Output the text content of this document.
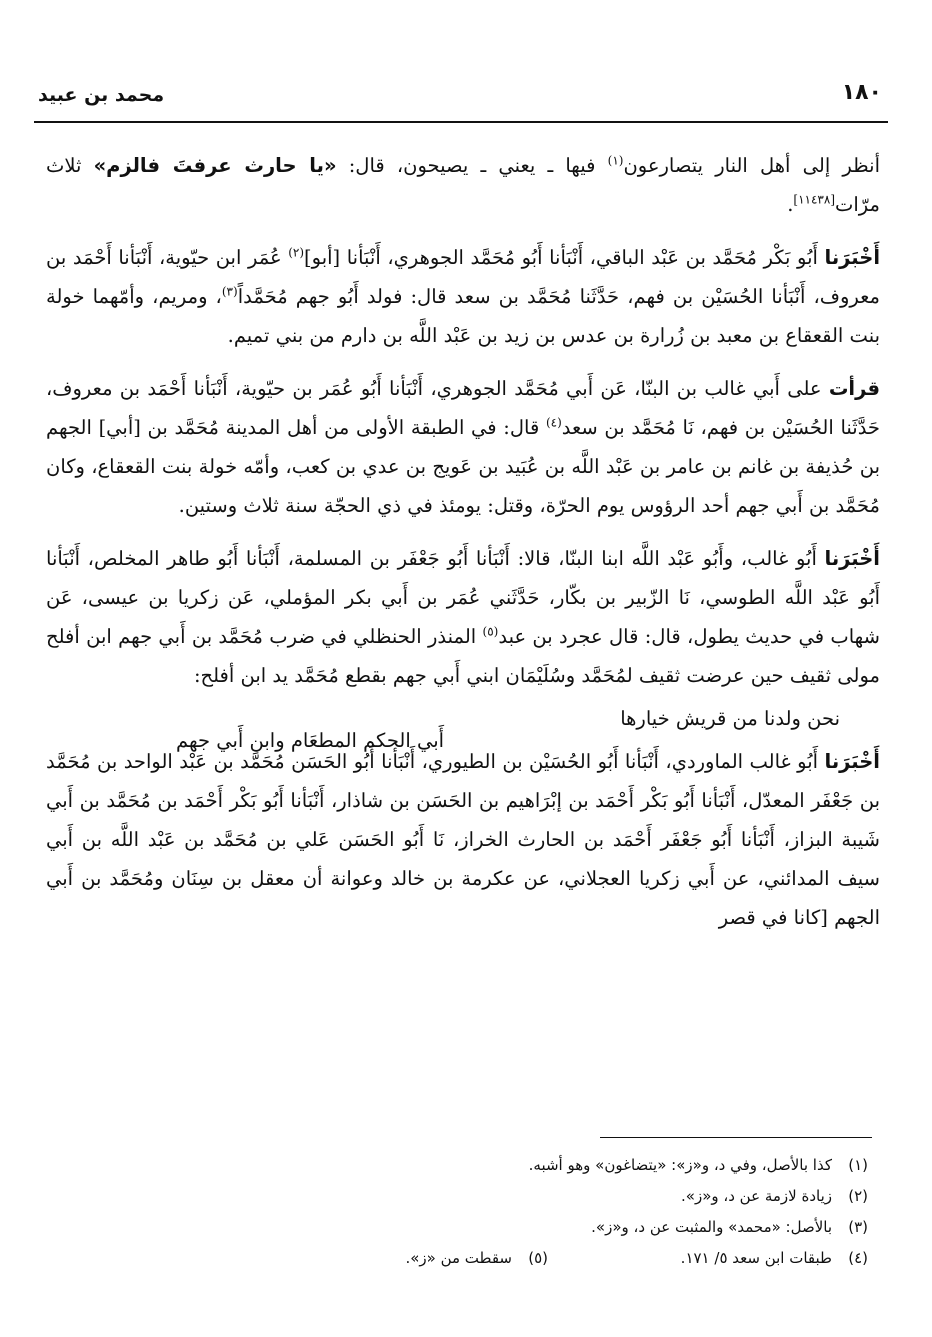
١٨٠
محمد بن عبيد

أنظر إلى أهل النار يتصارعون$^{(١)}$ فيها ـ يعني ـ يصيحون، قال: «يا حارث عرفتَ فالزم» ثلاث مرّات[١١٤٣٨].

أَخْبَرَنا أَبُو بَكْر مُحَمَّد بن عَبْد الباقي، أَنْبَأنا أَبُو مُحَمَّد الجوهري، أَنْبَأنا [أبو]$^{(٢)}$ عُمَر ابن حيّوية، أَنْبَأنا أَحْمَد بن معروف، أَنْبَأنا الحُسَيْن بن فهم، حَدَّثَنا مُحَمَّد بن سعد قال: فولد أَبُو جهم مُحَمَّداً$^{(٣)}$، ومريم، وأمّهما خولة بنت القعقاع بن معبد بن زُرارة بن عدس بن زيد بن عَبْد اللَّه بن دارم من بني تميم.

قرأت على أَبي غالب بن البنّا، عَن أَبي مُحَمَّد الجوهري، أَنْبَأنا أَبُو عُمَر بن حيّوية، أَنْبَأنا أَحْمَد بن معروف، حَدَّثَنا الحُسَيْن بن فهم، نَا مُحَمَّد بن سعد$^{(٤)}$ قال: في الطبقة الأولى من أهل المدينة مُحَمَّد بن [أبي] الجهم بن حُذيفة بن غانم بن عامر بن عَبْد اللَّه بن عُبَيد بن عَويج بن عدي بن كعب، وأمّه خولة بنت القعقاع، وكان مُحَمَّد بن أَبي جهم أحد الرؤوس يوم الحرّة، وقتل: يومئذ في ذي الحجّة سنة ثلاث وستين.

أَخْبَرَنا أَبُو غالب، وأَبُو عَبْد اللَّه ابنا البنّا، قالا: أَنْبَأنا أَبُو جَعْفَر بن المسلمة، أَنْبَأنا أَبُو طاهر المخلص، أَنْبَأنا أَبُو عَبْد اللَّه الطوسي، نَا الزّبير بن بكّار، حَدَّثَني عُمَر بن أَبي بكر المؤملي، عَن زكريا بن عيسى، عَن شهاب في حديث يطول، قال: قال عجرد بن عبد$^{(٥)}$ المنذر الحنظلي في ضرب مُحَمَّد بن أَبي جهم ابن أفلح مولى ثقيف حين عرضت ثقيف لمُحَمَّد وسُلَيْمَان ابني أَبي جهم بقطع مُحَمَّد يد ابن أفلح:

نحن ولدنا من قريش خيارها
أَبي الحكم المطعَام وابن أَبي جهم

أَخْبَرَنا أَبُو غالب الماوردي، أَنْبَأنا أَبُو الحُسَيْن بن الطيوري، أَنْبَأنا أَبُو الحَسَن مُحَمَّد بن عَبْد الواحد بن مُحَمَّد بن جَعْفَر المعدّل، أَنْبَأنا أَبُو بَكْر أَحْمَد بن إبْرَاهيم بن الحَسَن بن شاذار، أَنْبَأنا أَبُو بَكْر أَحْمَد بن مُحَمَّد بن أَبي شَيبة البزاز، أَنْبَأنا أَبُو جَعْفَر أَحْمَد بن الحارث الخراز، نَا أَبُو الحَسَن عَلي بن مُحَمَّد بن عَبْد اللَّه بن أَبي سيف المدائني، عن أَبي زكريا العجلاني، عن عكرمة بن خالد وعوانة أن معقل بن سِنَان ومُحَمَّد بن أَبي الجهم [كانا في قصر

(١)
كذا بالأصل، وفي د، و«ز»: «يتضاغون» وهو أشبه.
(٢)
زيادة لازمة عن د، و«ز».
(٣)
بالأصل: «محمد» والمثبت عن د، و«ز».
(٤)
طبقات ابن سعد ٥/ ١٧١.
(٥)
سقطت من «ز».
